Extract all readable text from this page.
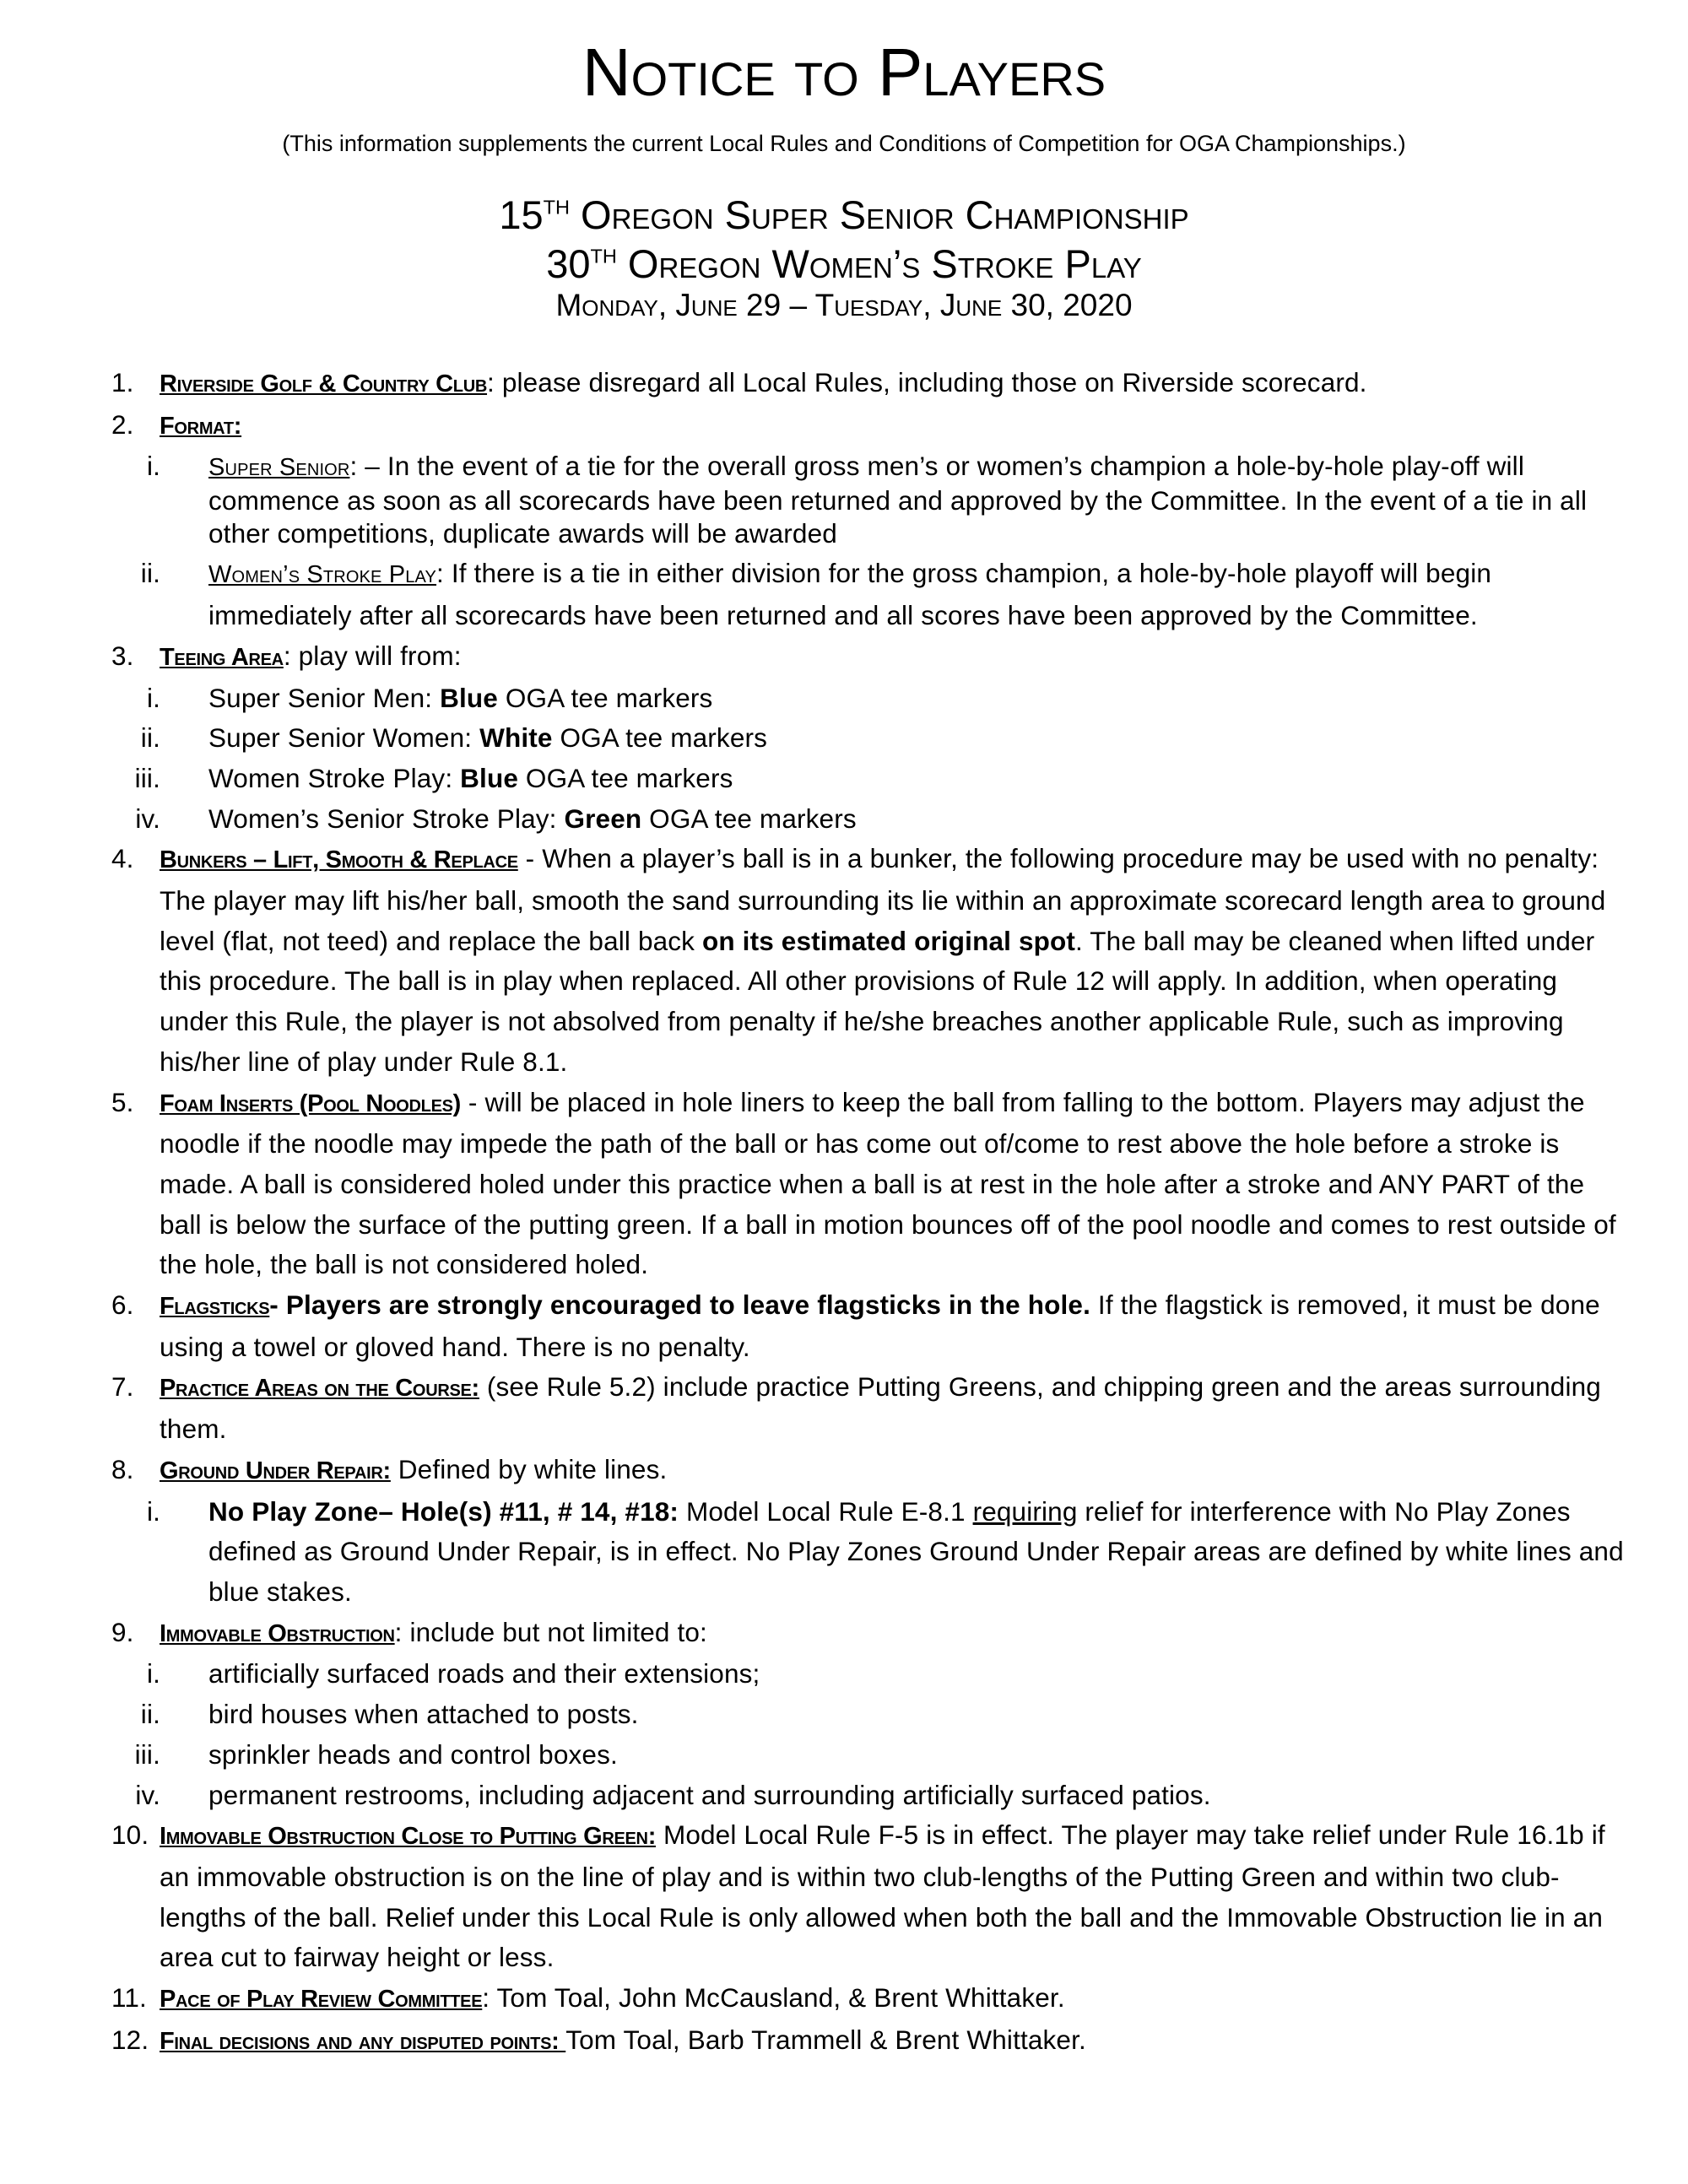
Notice to Players
(This information supplements the current Local Rules and Conditions of Competition for OGA Championships.)
15TH Oregon Super Senior Championship
30TH Oregon Women’s Stroke Play
Monday, June 29 – Tuesday, June 30, 2020
1.	Riverside Golf & Country Club: please disregard all Local Rules, including those on Riverside scorecard.
2.	Format:
i.	Super Senior: – In the event of a tie for the overall gross men’s or women’s champion a hole-by-hole play-off will commence as soon as all scorecards have been returned and approved by the Committee. In the event of a tie in all other competitions, duplicate awards will be awarded
ii.	Women’s Stroke Play: If there is a tie in either division for the gross champion, a hole-by-hole playoff will begin immediately after all scorecards have been returned and all scores have been approved by the Committee.
3.	Teeing Area: play will from:
i.	Super Senior Men: Blue OGA tee markers
ii.	Super Senior Women: White OGA tee markers
iii.	Women Stroke Play: Blue OGA tee markers
iv.	Women’s Senior Stroke Play: Green OGA tee markers
4.	Bunkers – Lift, Smooth & Replace - When a player’s ball is in a bunker, the following procedure may be used with no penalty: The player may lift his/her ball, smooth the sand surrounding its lie within an approximate scorecard length area to ground level (flat, not teed) and replace the ball back on its estimated original spot. The ball may be cleaned when lifted under this procedure. The ball is in play when replaced. All other provisions of Rule 12 will apply. In addition, when operating under this Rule, the player is not absolved from penalty if he/she breaches another applicable Rule, such as improving his/her line of play under Rule 8.1.
5.	Foam Inserts (Pool Noodles) - will be placed in hole liners to keep the ball from falling to the bottom. Players may adjust the noodle if the noodle may impede the path of the ball or has come out of/come to rest above the hole before a stroke is made. A ball is considered holed under this practice when a ball is at rest in the hole after a stroke and ANY PART of the ball is below the surface of the putting green. If a ball in motion bounces off of the pool noodle and comes to rest outside of the hole, the ball is not considered holed.
6.	Flagsticks- Players are strongly encouraged to leave flagsticks in the hole. If the flagstick is removed, it must be done using a towel or gloved hand. There is no penalty.
7.	Practice Areas on the Course: (see Rule 5.2) include practice Putting Greens, and chipping green and the areas surrounding them.
8.	Ground Under Repair: Defined by white lines.
i.	No Play Zone– Hole(s) #11, # 14, #18: Model Local Rule E-8.1 requiring relief for interference with No Play Zones defined as Ground Under Repair, is in effect. No Play Zones Ground Under Repair areas are defined by white lines and blue stakes.
9.	Immovable Obstruction: include but not limited to:
i.	artificially surfaced roads and their extensions;
ii.	bird houses when attached to posts.
iii.	sprinkler heads and control boxes.
iv.	permanent restrooms, including adjacent and surrounding artificially surfaced patios.
10. Immovable Obstruction Close to Putting Green: Model Local Rule F-5 is in effect. The player may take relief under Rule 16.1b if an immovable obstruction is on the line of play and is within two club-lengths of the Putting Green and within two club-lengths of the ball. Relief under this Local Rule is only allowed when both the ball and the Immovable Obstruction lie in an area cut to fairway height or less.
11. Pace of Play Review Committee: Tom Toal, John McCausland, & Brent Whittaker.
12. Final decisions and any disputed points: Tom Toal, Barb Trammell & Brent Whittaker.
